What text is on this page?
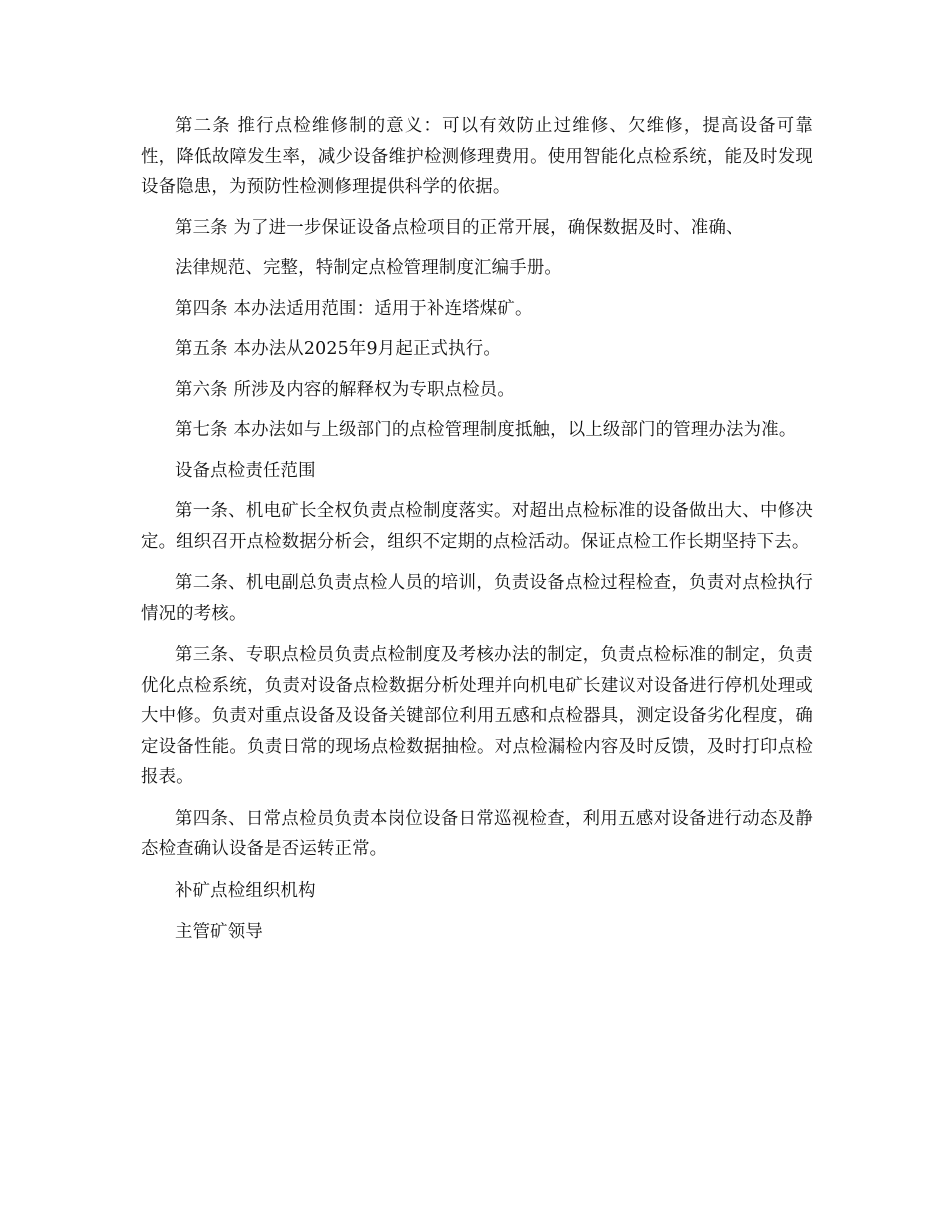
第二条 推行点检维修制的意义：可以有效防止过维修、欠维修，提高设备可靠性，降低故障发生率，减少设备维护检测修理费用。使用智能化点检系统，能及时发现设备隐患，为预防性检测修理提供科学的依据。

第三条 为了进一步保证设备点检项目的正常开展，确保数据及时、准确、

法律规范、完整，特制定点检管理制度汇编手册。

第四条 本办法适用范围：适用于补连塔煤矿。

第五条 本办法从2025年9月起正式执行。

第六条 所涉及内容的解释权为专职点检员。

第七条 本办法如与上级部门的点检管理制度抵触，以上级部门的管理办法为准。

设备点检责任范围

第一条、机电矿长全权负责点检制度落实。对超出点检标准的设备做出大、中修决定。组织召开点检数据分析会，组织不定期的点检活动。保证点检工作长期坚持下去。

第二条、机电副总负责点检人员的培训，负责设备点检过程检查，负责对点检执行情况的考核。

第三条、专职点检员负责点检制度及考核办法的制定，负责点检标准的制定，负责优化点检系统，负责对设备点检数据分析处理并向机电矿长建议对设备进行停机处理或大中修。负责对重点设备及设备关键部位利用五感和点检器具，测定设备劣化程度，确定设备性能。负责日常的现场点检数据抽检。对点检漏检内容及时反馈，及时打印点检报表。

第四条、日常点检员负责本岗位设备日常巡视检查，利用五感对设备进行动态及静态检查确认设备是否运转正常。

补矿点检组织机构

主管矿领导
